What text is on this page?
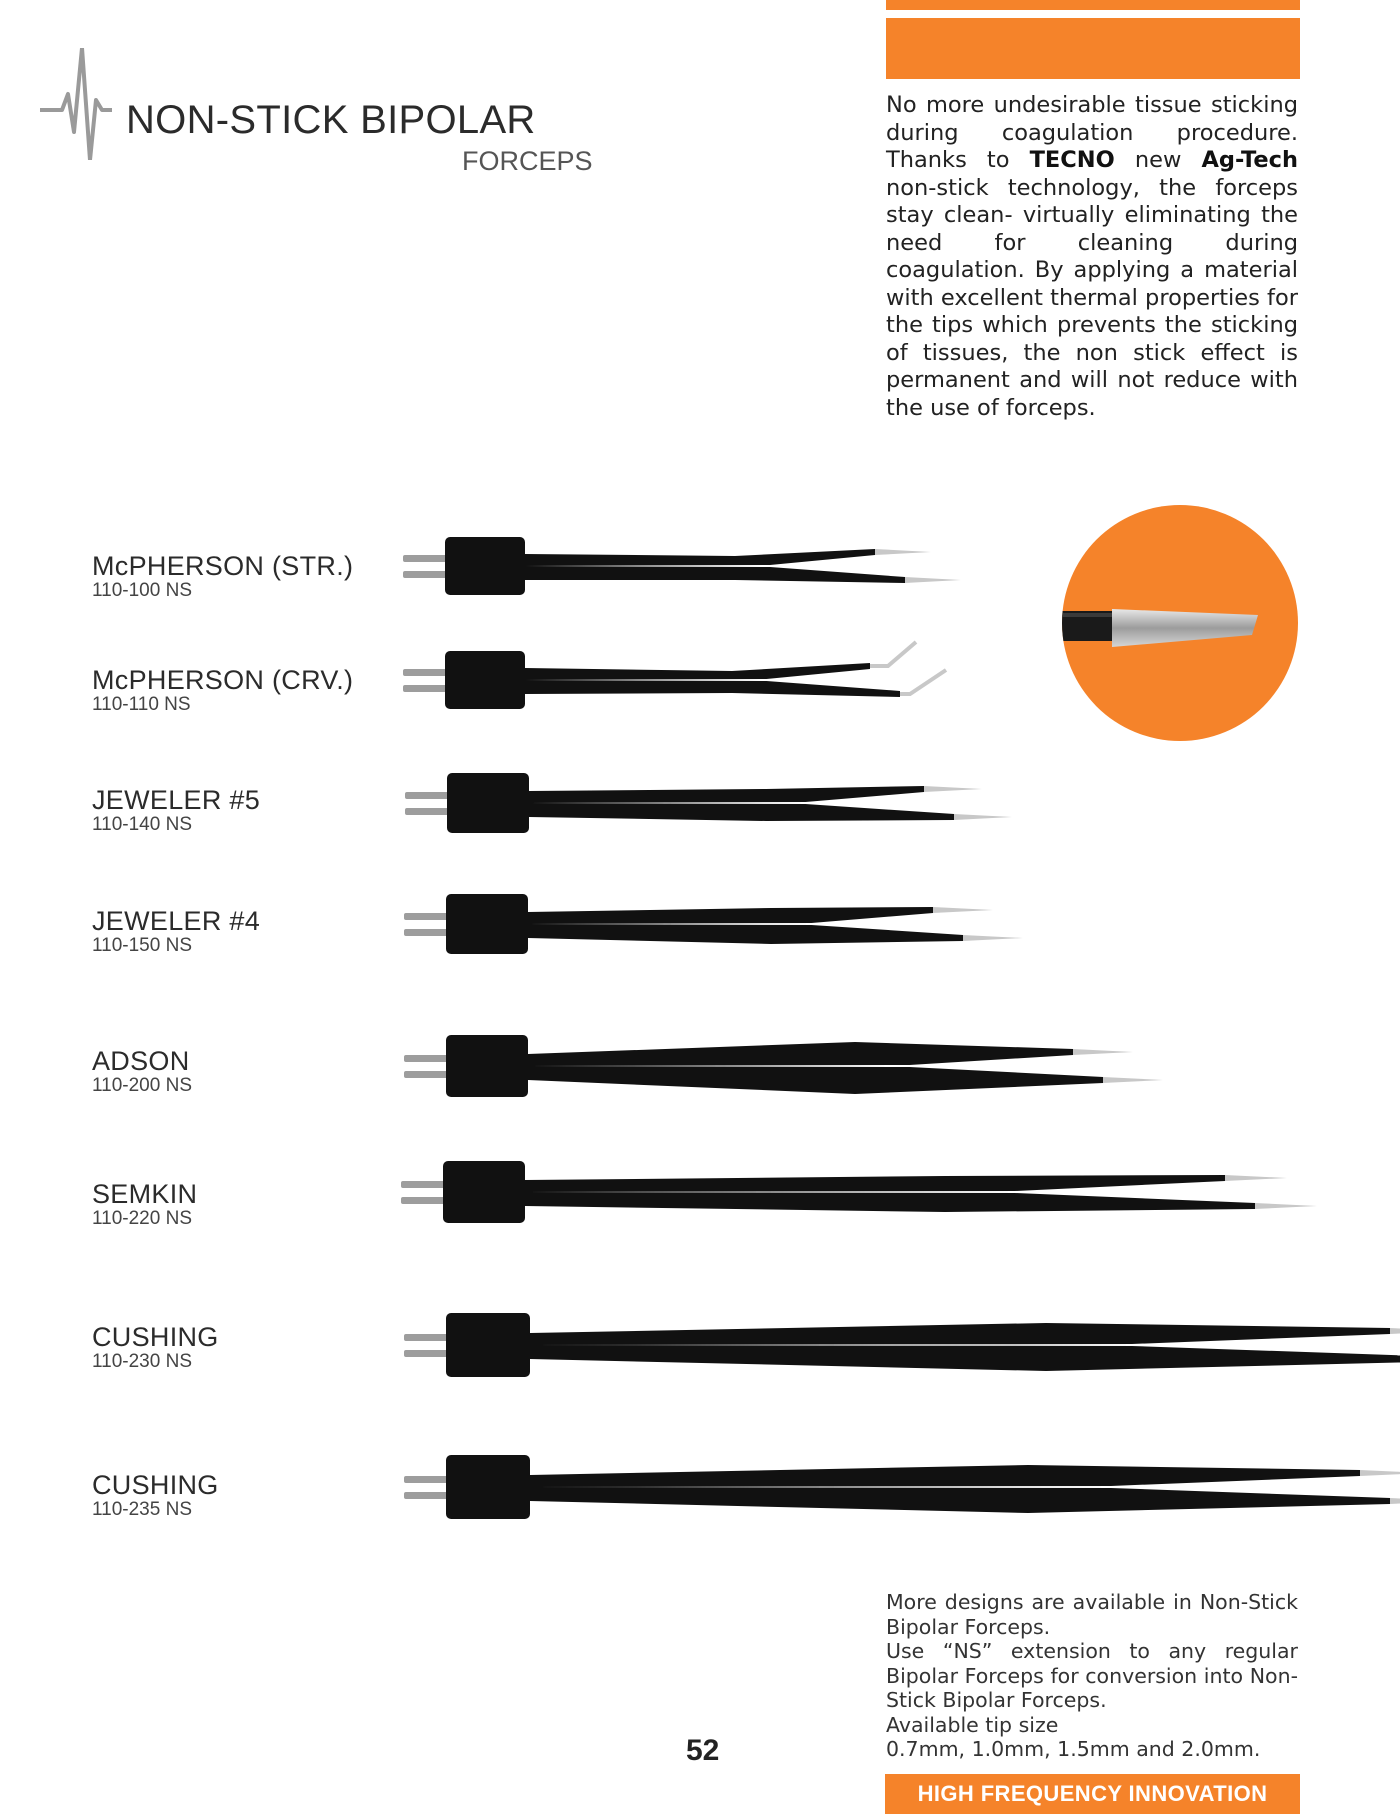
NON-STICK BIPOLAR
FORCEPS
No more undesirable tissue sticking during coagulation procedure. Thanks to TECNO new Ag-Tech non-stick technology, the forceps stay clean- virtually eliminating the need for cleaning during coagulation. By applying a material with excellent thermal properties for the tips which prevents the sticking of tissues, the non stick effect is permanent and will not reduce with the use of forceps.
McPHERSON (STR.)
110-100 NS
McPHERSON (CRV.)
110-110 NS
JEWELER #5
110-140 NS
JEWELER #4
110-150 NS
ADSON
110-200 NS
SEMKIN
110-220 NS
CUSHING
110-230 NS
CUSHING
110-235 NS

More designs are available in Non-Stick Bipolar Forceps.

Use “NS” extension to any regular Bipolar Forceps for conversion into Non-Stick Bipolar Forceps.

Available tip size

0.7mm, 1.0mm, 1.5mm and 2.0mm.

52
HIGH FREQUENCY INNOVATION
